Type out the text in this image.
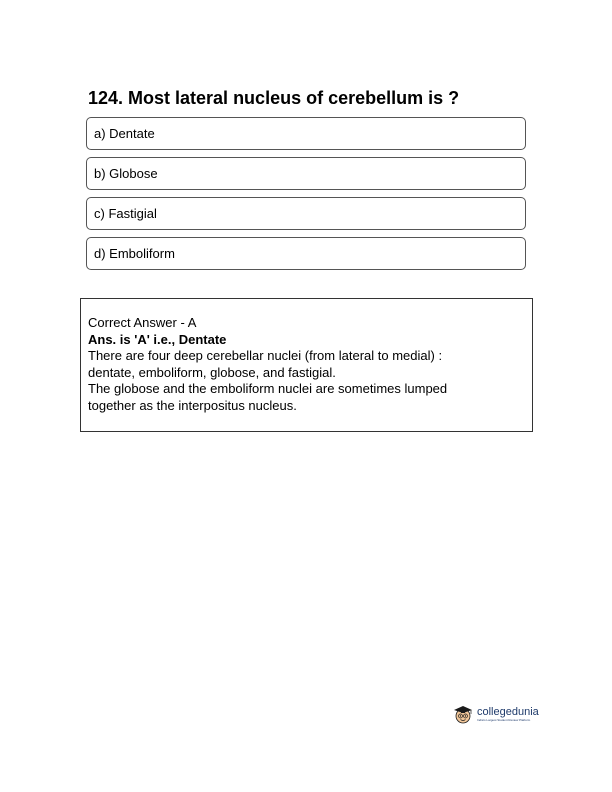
124. Most lateral nucleus of cerebellum is ?
a) Dentate
b) Globose
c) Fastigial
d) Emboliform
Correct Answer - A
Ans. is 'A' i.e., Dentate
There are four deep cerebellar nuclei (from lateral to medial) :
dentate, emboliform, globose, and fastigial.
The globose and the emboliform nuclei are sometimes lumped
together as the interpositus nucleus.
collegedunia
India's Largest Student Review Platform
